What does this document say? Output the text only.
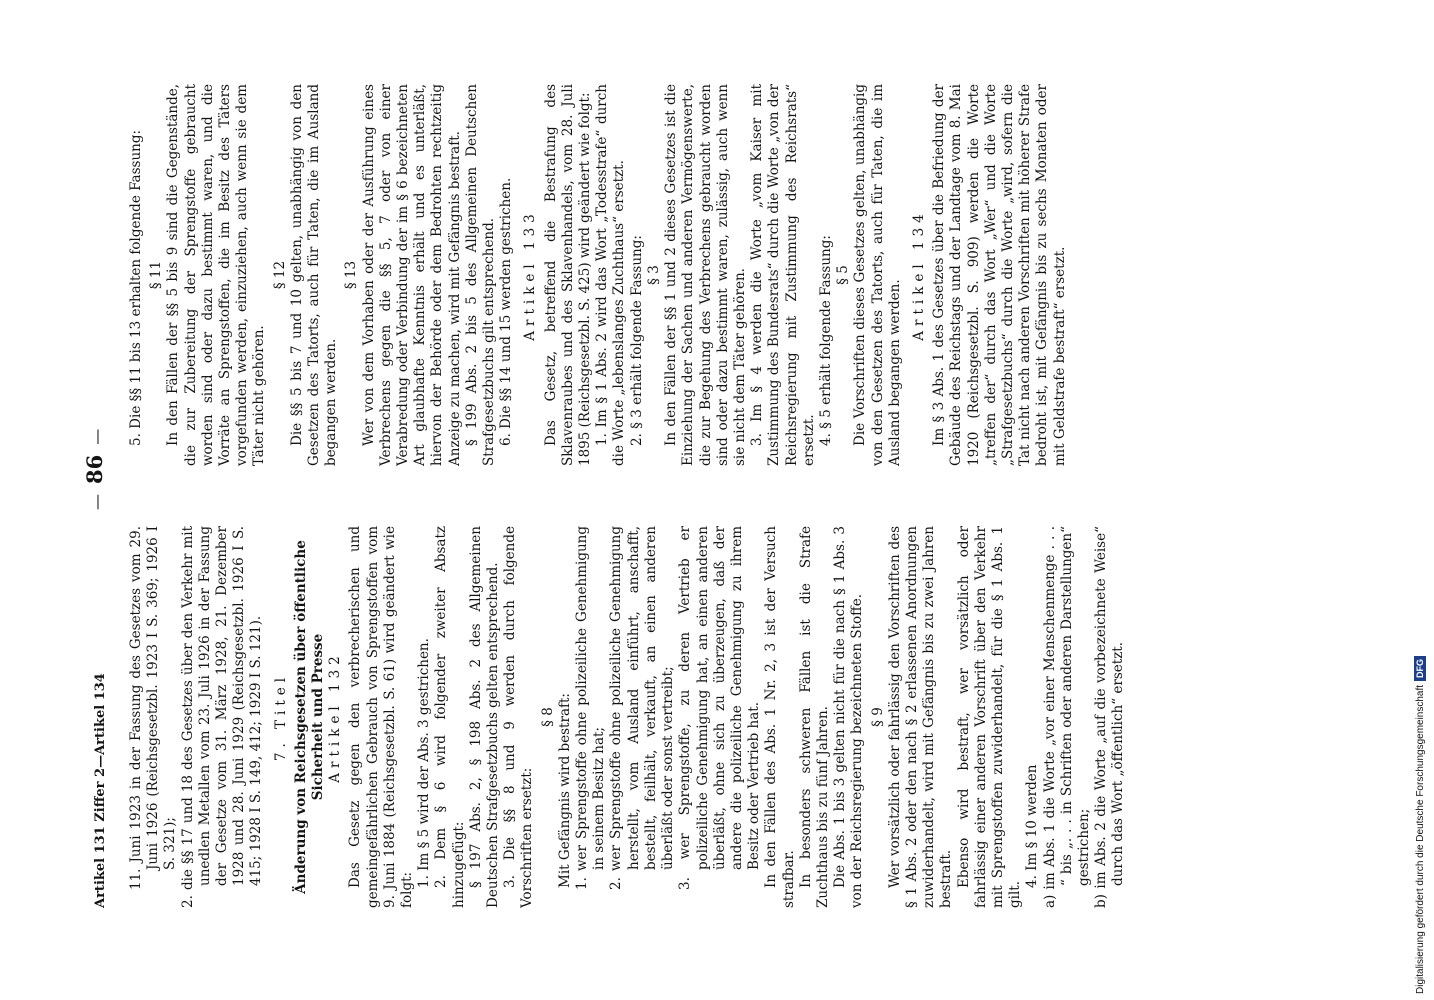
Artikel 131 Ziffer 2—Artikel 134
—86—

11. Juni 1923 in der Fassung des Gesetzes vom 29. Juni 1926 (Reichsgesetzbl. 1923 I S. 369; 1926 I S. 321); 2. die §§ 17 und 18 des Gesetzes über den Verkehr mit unedlen Metallen vom 23. Juli 1926 in der Fassung der Gesetze vom 31. März 1928, 21. Dezember 1928 und 28. Juni 1929 (Reichsgesetzbl. 1926 I S. 415; 1928 I S. 149, 412; 1929 I S. 121). 7. Titel Änderung von Reichsgesetzen über öffentliche Sicherheit und Presse Artikel 132 Das Gesetz gegen den verbrecherischen und gemeingefährlichen Gebrauch von Sprengstoffen vom 9. Juni 1884 (Reichsgesetzbl. S. 61) wird geändert wie folgt:

1. Im § 5 wird der Abs. 3 gestrichen. 2. Dem § 6 wird folgender zweiter Absatz hinzugefügt: § 197 Abs. 2, § 198 Abs. 2 des Allgemeinen Deutschen Strafgesetzbuchs gelten entsprechend. 3. Die §§ 8 und 9 werden durch folgende Vorschriften ersetzt:

§ 8 Mit Gefängnis wird bestraft: 1. wer Sprengstoffe ohne polizeiliche Genehmigung in seinem Besitz hat; 2. wer Sprengstoffe ohne polizeiliche Genehmigung herstellt, vom Ausland einführt, anschafft, bestellt, feilhält, verkauft, an einen anderen überläßt oder sonst vertreibt; 3. wer Sprengstoffe, zu deren Vertrieb er polizeiliche Genehmigung hat, an einen anderen überläßt, ohne sich zu überzeugen, daß der andere die polizeiliche Genehmigung zu ihrem Besitz oder Vertrieb hat. In den Fällen des Abs. 1 Nr. 2, 3 ist der Versuch strafbar. In besonders schweren Fällen ist die Strafe Zuchthaus bis zu fünf Jahren. Die Abs. 1 bis 3 gelten nicht für die nach § 1 Abs. 3 von der Reichsregierung bezeichneten Stoffe. § 9 Wer vorsätzlich oder fahrlässig den Vorschriften des § 1 Abs. 2 oder den nach § 2 erlassenen Anordnungen zuwiderhandelt, wird mit Gefängnis bis zu zwei Jahren bestraft. Ebenso wird bestraft, wer vorsätzlich oder fahrlässig einer anderen Vorschrift über den Verkehr mit Sprengstoffen zuwiderhandelt, für die § 1 Abs. 1 gilt.

4. Im § 10 werden a) im Abs. 1 die Worte „vor einer Menschenmenge . . . “ bis „. . . in Schriften oder anderen Darstellungen“ gestrichen; b) im Abs. 2 die Worte „auf die vorbezeichnete Weise“ durch das Wort „öffentlich“ ersetzt.

5. Die §§ 11 bis 13 erhalten folgende Fassung: § 11 In den Fällen der §§ 5 bis 9 sind die Gegenstände, die zur Zubereitung der Sprengstoffe gebraucht worden sind oder dazu bestimmt waren, und die Vorräte an Sprengstoffen, die im Besitz des Täters vorgefunden werden, einzuziehen, auch wenn sie dem Täter nicht gehören.

§ 12 Die §§ 5 bis 7 und 10 gelten, unabhängig von den Gesetzen des Tatorts, auch für Taten, die im Ausland begangen werden.

§ 13 Wer von dem Vorhaben oder der Ausführung eines Verbrechens gegen die §§ 5, 7 oder von einer Verabredung oder Verbindung der im § 6 bezeichneten Art glaubhafte Kenntnis erhält und es unterläßt, hiervon der Behörde oder dem Bedrohten rechtzeitig Anzeige zu machen, wird mit Gefängnis bestraft. § 199 Abs. 2 bis 5 des Allgemeinen Deutschen Strafgesetzbuchs gilt entsprechend. 6. Die §§ 14 und 15 werden gestrichen. Artikel 133 Das Gesetz, betreffend die Bestrafung des Sklavenraubes und des Sklavenhandels, vom 28. Juli 1895 (Reichsgesetzbl. S. 425) wird geändert wie folgt: 1. Im § 1 Abs. 2 wird das Wort „Todesstrafe“ durch die Worte „lebenslanges Zuchthaus“ ersetzt. 2. § 3 erhält folgende Fassung: § 3 In den Fällen der §§ 1 und 2 dieses Gesetzes ist die Einziehung der Sachen und anderen Vermögenswerte, die zur Begehung des Verbrechens gebraucht worden sind oder dazu bestimmt waren, zulässig, auch wenn sie nicht dem Täter gehören. 3. Im § 4 werden die Worte „vom Kaiser mit Zustimmung des Bundesrats“ durch die Worte „von der Reichsregierung mit Zustimmung des Reichsrats“ ersetzt. 4. § 5 erhält folgende Fassung: § 5 Die Vorschriften dieses Gesetzes gelten, unabhängig von den Gesetzen des Tatorts, auch für Taten, die im Ausland begangen werden.

Artikel 134 Im § 3 Abs. 1 des Gesetzes über die Befriedung der Gebäude des Reichstags und der Landtage vom 8. Mai 1920 (Reichsgesetzbl. S. 909) werden die Worte „treffen der“ durch das Wort „Wer“ und die Worte „Strafgesetzbuchs“ durch die Worte „wird, sofern die Tat nicht nach anderen Vorschriften mit höherer Strafe bedroht ist, mit Gefängnis bis zu sechs Monaten oder mit Geldstrafe bestraft“ ersetzt.

Digitalisierung gefördert durch die Deutsche ForschungsgemeinschaftDFG
